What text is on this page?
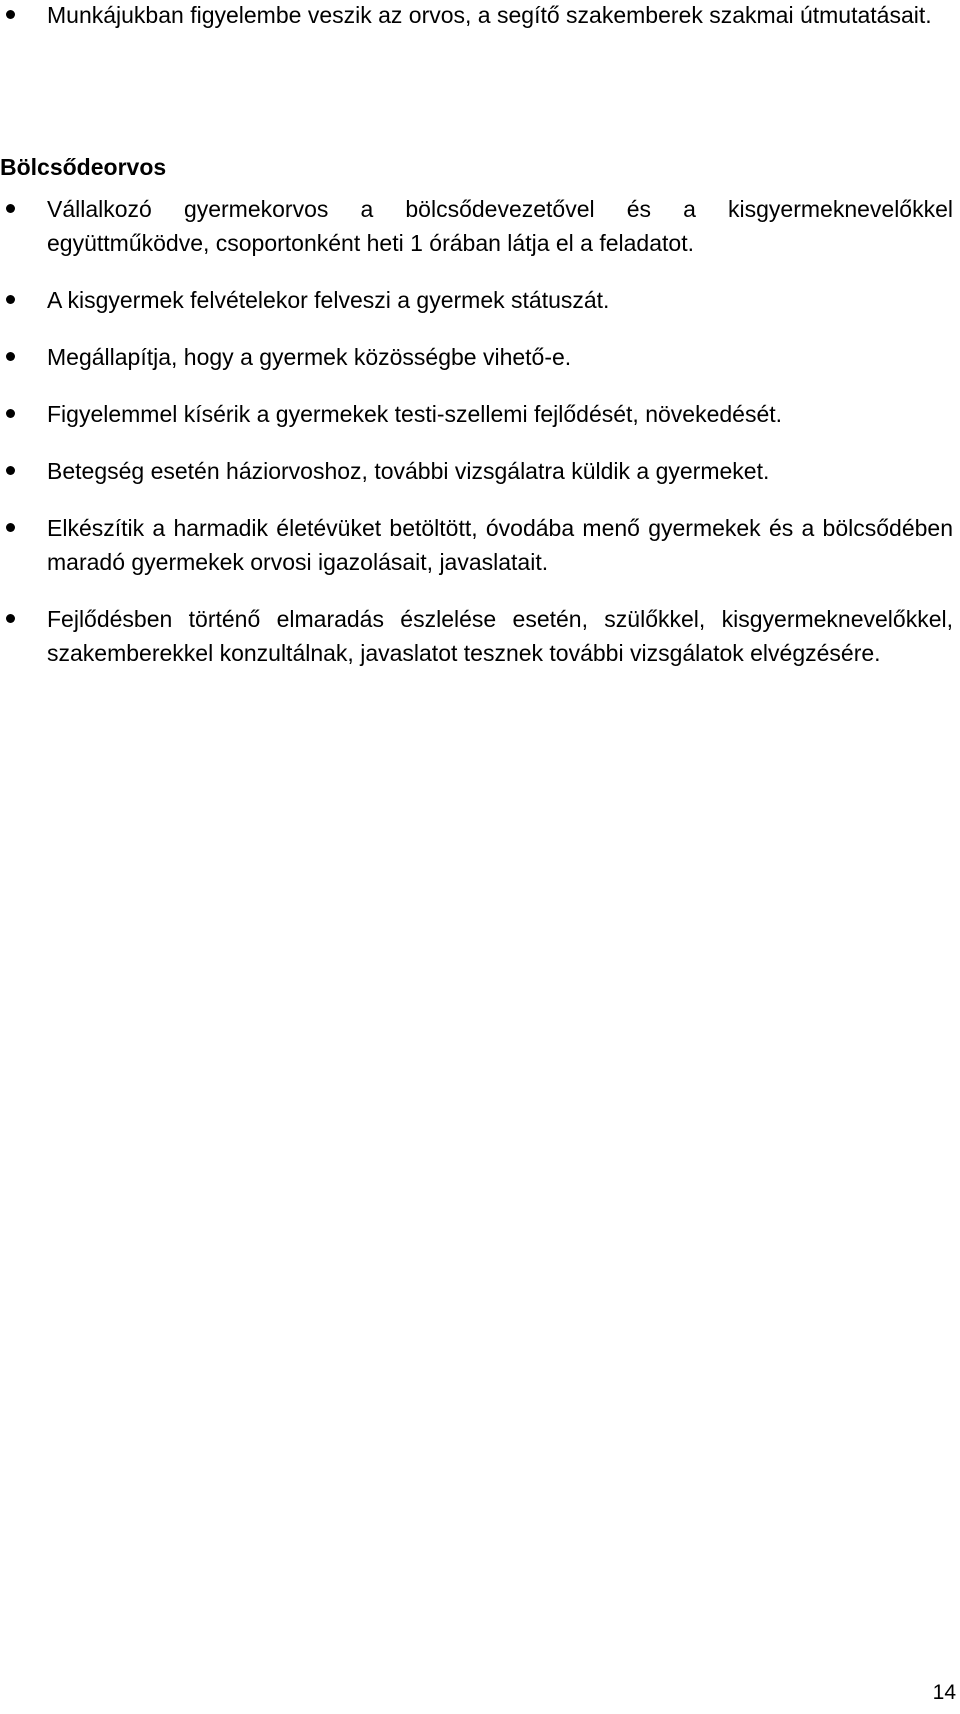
Munkájukban figyelembe veszik az orvos, a segítő szakemberek szakmai útmutatásait.
Bölcsődeorvos
Vállalkozó gyermekorvos a bölcsődevezetővel és a kisgyermeknevelőkkel együttműködve, csoportonként heti 1 órában látja el a feladatot.
A kisgyermek felvételekor felveszi a gyermek státuszát.
Megállapítja, hogy a gyermek közösségbe vihető-e.
Figyelemmel kísérik a gyermekek testi-szellemi fejlődését, növekedését.
Betegség esetén háziorvoshoz, további vizsgálatra küldik a gyermeket.
Elkészítik a harmadik életévüket betöltött, óvodába menő gyermekek és a bölcsődében maradó gyermekek orvosi igazolásait, javaslatait.
Fejlődésben történő elmaradás észlelése esetén, szülőkkel, kisgyermeknevelőkkel, szakemberekkel konzultálnak, javaslatot tesznek további vizsgálatok elvégzésére.
14
